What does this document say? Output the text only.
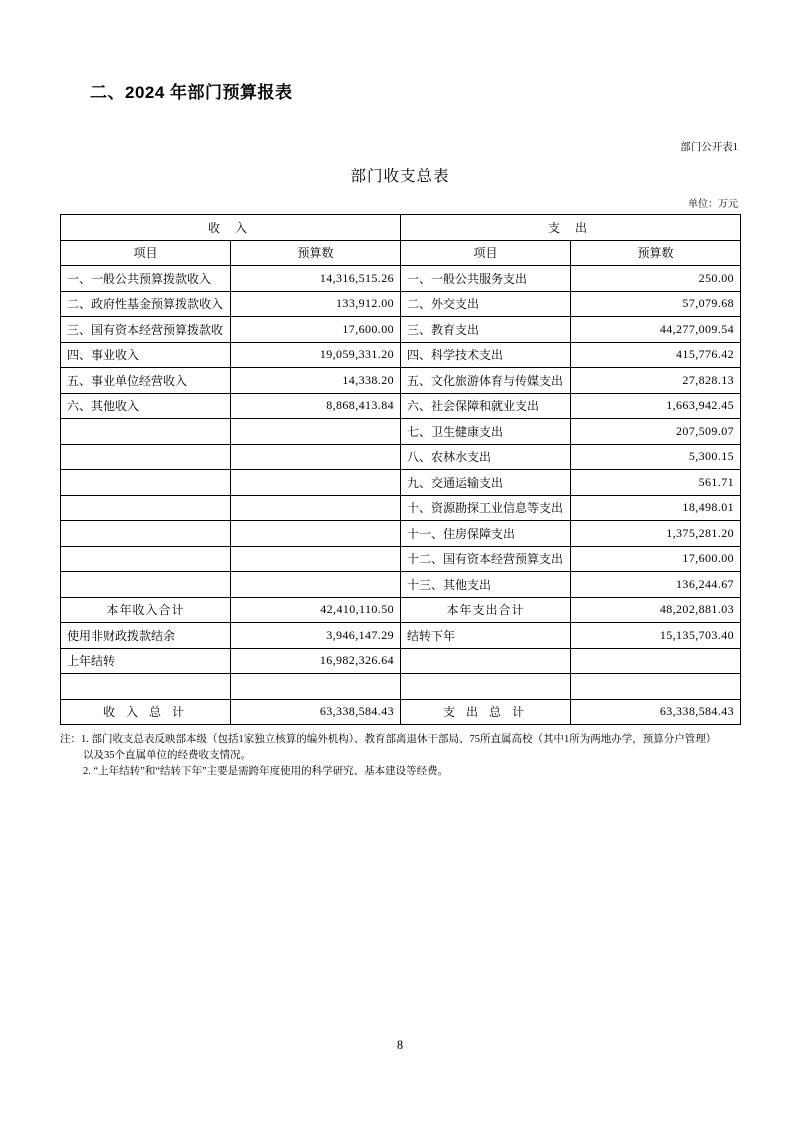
二、2024 年部门预算报表
部门公开表1
部门收支总表
单位：万元
收 入		支 出	
项目	预算数	项目	预算数
一、一般公共预算拨款收入	14,316,515.26	一、一般公共服务支出	250.00
二、政府性基金预算拨款收入	133,912.00	二、外交支出	57,079.68
三、国有资本经营预算拨款收	17,600.00	三、教育支出	44,277,009.54
四、事业收入	19,059,331.20	四、科学技术支出	415,776.42
五、事业单位经营收入	14,338.20	五、文化旅游体育与传媒支出	27,828.13
六、其他收入	8,868,413.84	六、社会保障和就业支出	1,663,942.45
		七、卫生健康支出	207,509.07
		八、农林水支出	5,300.15
		九、交通运输支出	561.71
		十、资源勘探工业信息等支出	18,498.01
		十一、住房保障支出	1,375,281.20
		十二、国有资本经营预算支出	17,600.00
		十三、其他支出	136,244.67
本年收入合计	42,410,110.50	本年支出合计	48,202,881.03
使用非财政拨款结余	3,946,147.29	结转下年	15,135,703.40
上年结转	16,982,326.64		

收 入 总 计	63,338,584.43	支 出 总 计	63,338,584.43
注：1. 部门收支总表反映部本级（包括1家独立核算的编外机构）、教育部离退休干部局、75所直属高校（其中1所为两地办学，预算分户管理）
以及35个直属单位的经费收支情况。
2. “上年结转”和“结转下年”主要是需跨年度使用的科学研究、基本建设等经费。
8
